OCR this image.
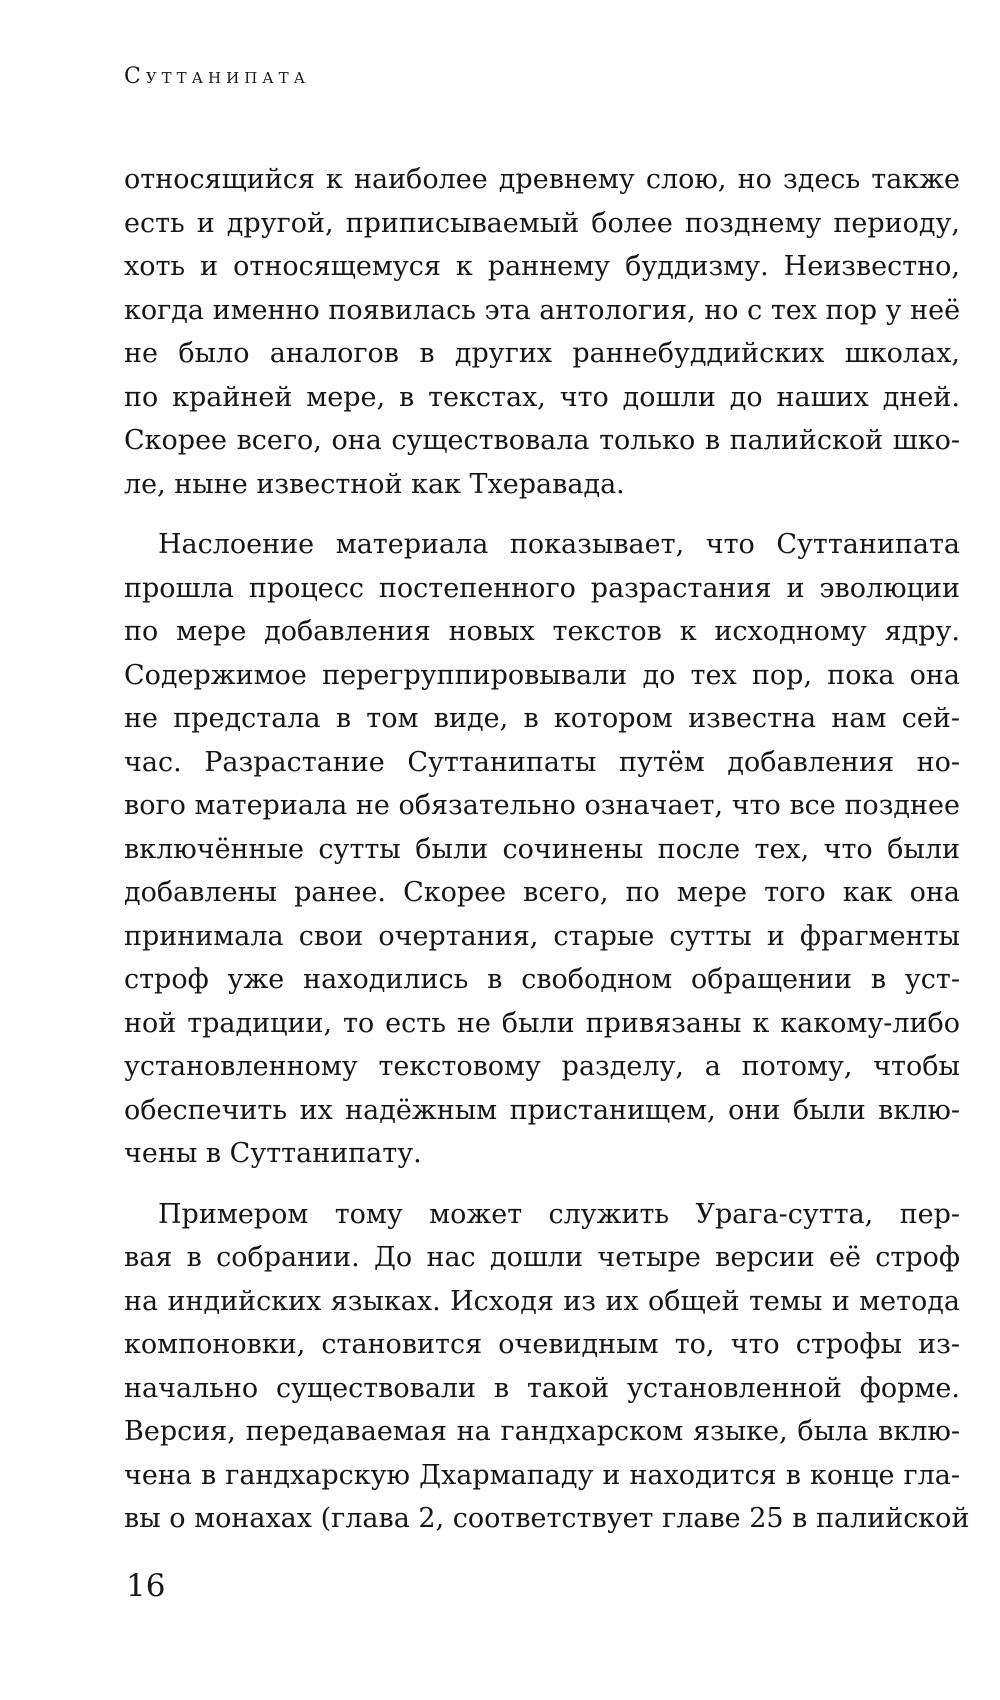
Суттанипата
относящийся к наиболее древнему слою, но здесь также
есть и другой, приписываемый более позднему периоду,
хоть и относящемуся к раннему буддизму. Неизвестно,
когда именно появилась эта антология, но с тех пор у неё
не было аналогов в других раннебуддийских школах,
по крайней мере, в текстах, что дошли до наших дней.
Скорее всего, она существовала только в палийской шко-
ле, ныне известной как Тхеравада.
Наслоение материала показывает, что Суттанипата
прошла процесс постепенного разрастания и эволюции
по мере добавления новых текстов к исходному ядру.
Содержимое перегруппировывали до тех пор, пока она
не предстала в том виде, в котором известна нам сей-
час. Разрастание Суттанипаты путём добавления но-
вого материала не обязательно означает, что все позднее
включённые сутты были сочинены после тех, что были
добавлены ранее. Скорее всего, по мере того как она
принимала свои очертания, старые сутты и фрагменты
строф уже находились в свободном обращении в уст-
ной традиции, то есть не были привязаны к какому-либо
установленному текстовому разделу, а потому, чтобы
обеспечить их надёжным пристанищем, они были вклю-
чены в Суттанипату.
Примером тому может служить Урага-сутта, пер-
вая в собрании. До нас дошли четыре версии её строф
на индийских языках. Исходя из их общей темы и метода
компоновки, становится очевидным то, что строфы из-
начально существовали в такой установленной форме.
Версия, передаваемая на гандхарском языке, была вклю-
чена в гандхарскую Дхармападу и находится в конце гла-
вы о монахах (глава 2, соответствует главе 25 в палийской
16
